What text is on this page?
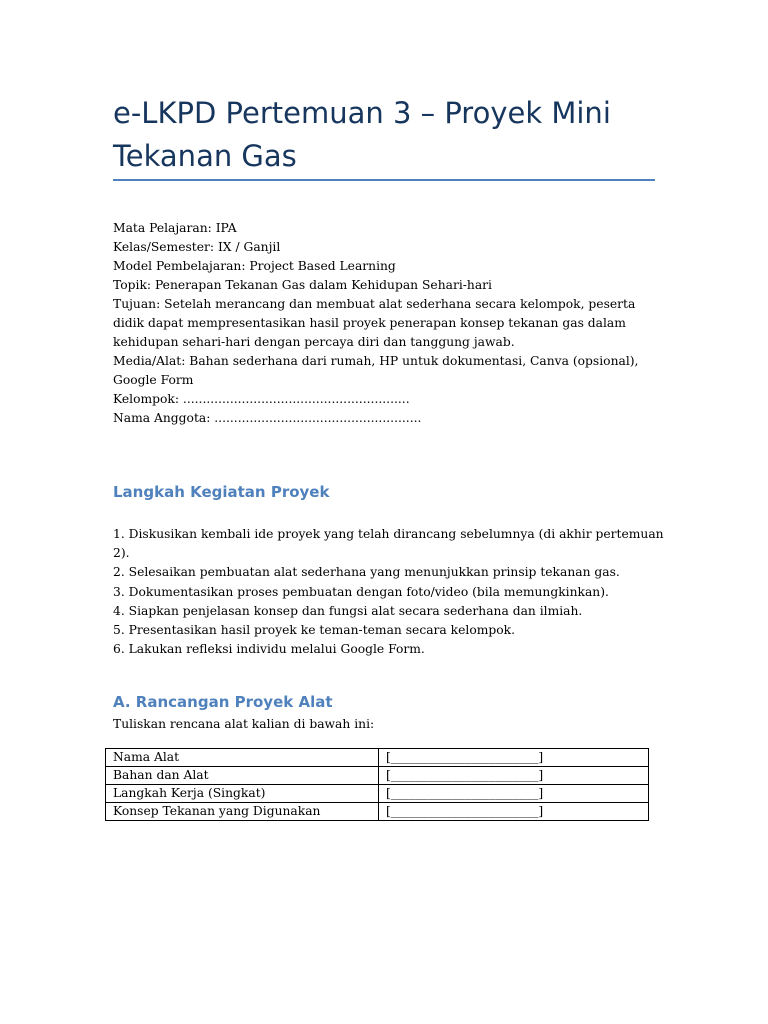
e-LKPD Pertemuan 3 – Proyek Mini Tekanan Gas
Mata Pelajaran: IPA
Kelas/Semester: IX / Ganjil
Model Pembelajaran: Project Based Learning
Topik: Penerapan Tekanan Gas dalam Kehidupan Sehari-hari
Tujuan: Setelah merancang dan membuat alat sederhana secara kelompok, peserta didik dapat mempresentasikan hasil proyek penerapan konsep tekanan gas dalam kehidupan sehari-hari dengan percaya diri dan tanggung jawab.
Media/Alat: Bahan sederhana dari rumah, HP untuk dokumentasi, Canva (opsional), Google Form
Kelompok: ..........................................................
Nama Anggota: .....................................................
Langkah Kegiatan Proyek
1. Diskusikan kembali ide proyek yang telah dirancang sebelumnya (di akhir pertemuan 2).
2. Selesaikan pembuatan alat sederhana yang menunjukkan prinsip tekanan gas.
3. Dokumentasikan proses pembuatan dengan foto/video (bila memungkinkan).
4. Siapkan penjelasan konsep dan fungsi alat secara sederhana dan ilmiah.
5. Presentasikan hasil proyek ke teman-teman secara kelompok.
6. Lakukan refleksi individu melalui Google Form.
A. Rancangan Proyek Alat
Tuliskan rencana alat kalian di bawah ini:
Nama Alat	[________________________]
Bahan dan Alat	[________________________]
Langkah Kerja (Singkat)	[________________________]
Konsep Tekanan yang Digunakan	[________________________]
